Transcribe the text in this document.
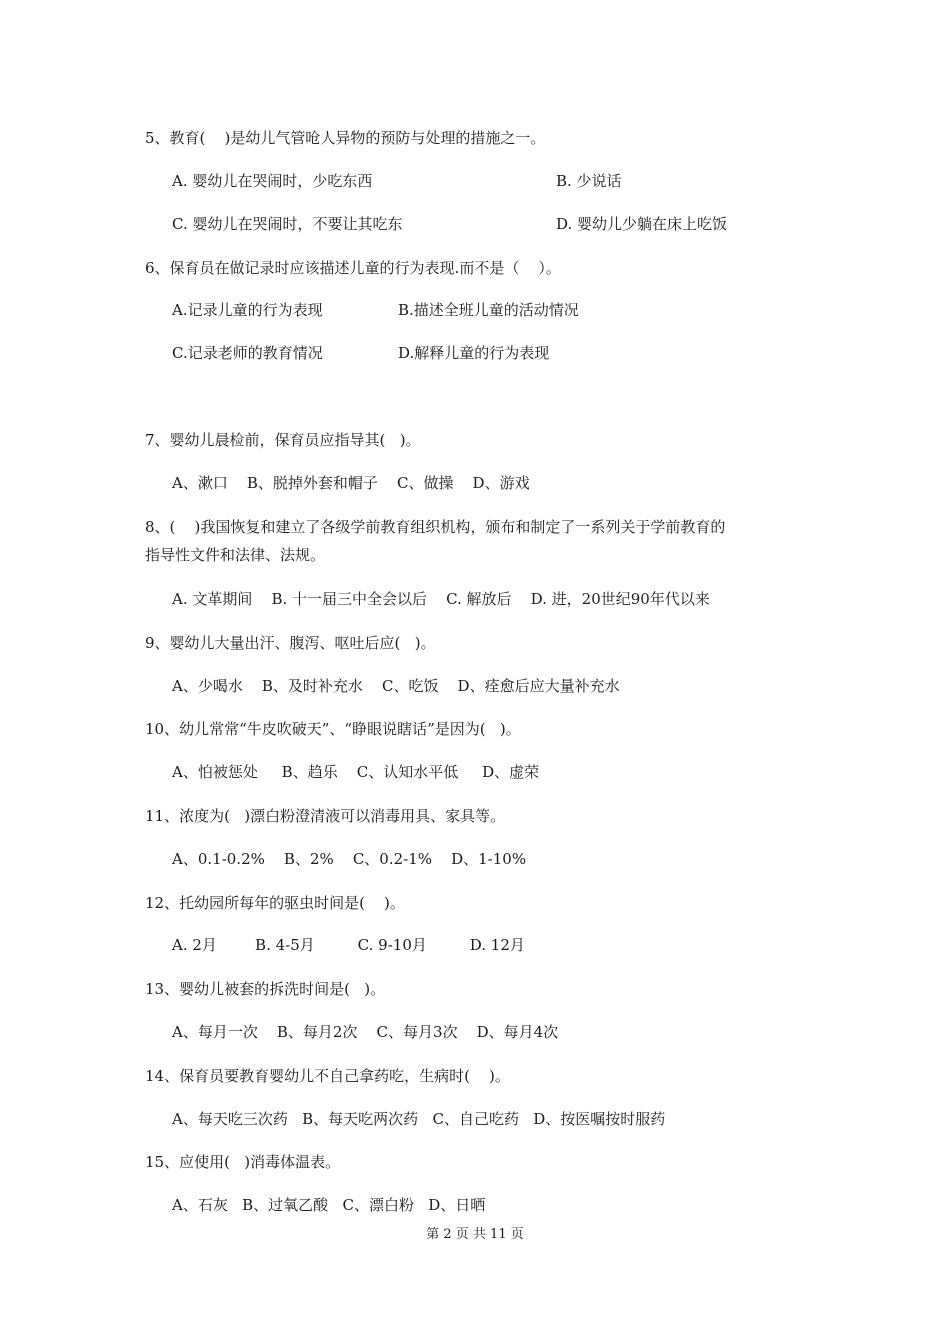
5、教育(    )是幼儿气管呛人异物的预防与处理的措施之一。
A. 婴幼儿在哭闹时，少吃东西	B. 少说话
C. 婴幼儿在哭闹时，不要让其吃东	D. 婴幼儿少躺在床上吃饭
6、保育员在做记录时应该描述儿童的行为表现.而不是（    ）。
A.记录儿童的行为表现	B.描述全班儿童的活动情况
C.记录老师的教育情况	D.解释儿童的行为表现
7、婴幼儿晨检前，保育员应指导其(   )。
A、漱口    B、脱掉外套和帽子    C、做操    D、游戏
8、(    )我国恢复和建立了各级学前教育组织机构，颁布和制定了一系列关于学前教育的
指导性文件和法律、法规。
A. 文革期间    B. 十一届三中全会以后    C. 解放后    D. 进，20世纪90年代以来
9、婴幼儿大量出汗、腹泻、呕吐后应(   )。
A、少喝水    B、及时补充水    C、吃饭    D、痊愈后应大量补充水
10、幼儿常常“牛皮吹破天”、“睁眼说瞎话”是因为(   )。
A、怕被惩处     B、趋乐    C、认知水平低     D、虚荣
11、浓度为(   )漂白粉澄清液可以消毒用具、家具等。
A、0.1-0.2%    B、2%    C、0.2-1%    D、1-10%
12、托幼园所每年的驱虫时间是(    )。
A. 2月        B. 4-5月         C. 9-10月         D. 12月
13、婴幼儿被套的拆洗时间是(   )。
A、每月一次    B、每月2次    C、每月3次    D、每月4次
14、保育员要教育婴幼儿不自己拿药吃，生病时(    )。
A、每天吃三次药   B、每天吃两次药   C、自己吃药   D、按医嘱按时服药
15、应使用(   )消毒体温表。
A、石灰   B、过氧乙酸   C、漂白粉   D、日晒
第 2 页 共 11 页
